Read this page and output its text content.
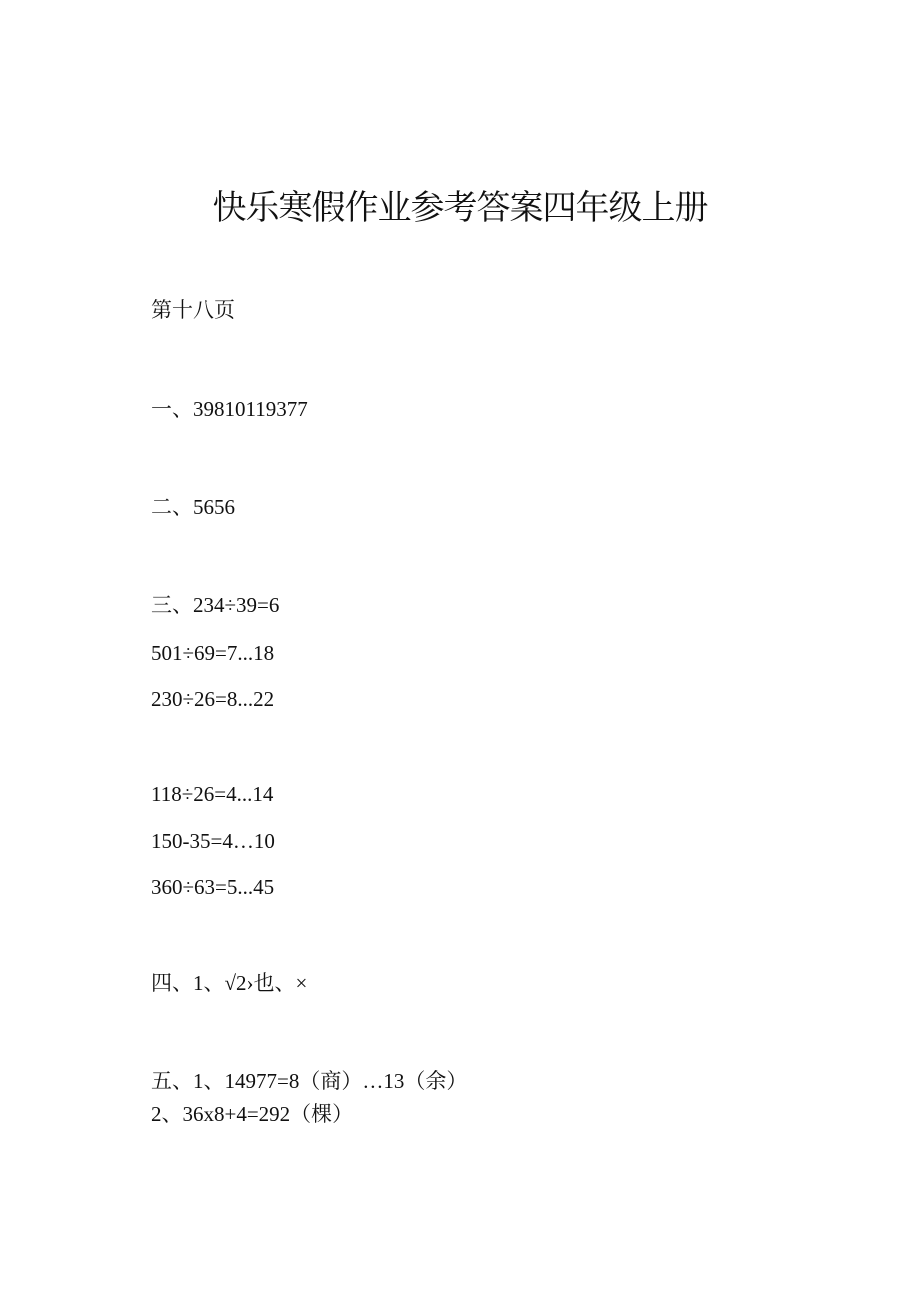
快乐寒假作业参考答案四年级上册

第十八页

一、39810119377

二、5656

三、234÷39=6

501÷69=7...18

230÷26=8...22

118÷26=4...14

150-35=4…10

360÷63=5...45

四、1、√2›也、×

五、1、14977=8（商）…13（余）

2、36x8+4=292（棵）
